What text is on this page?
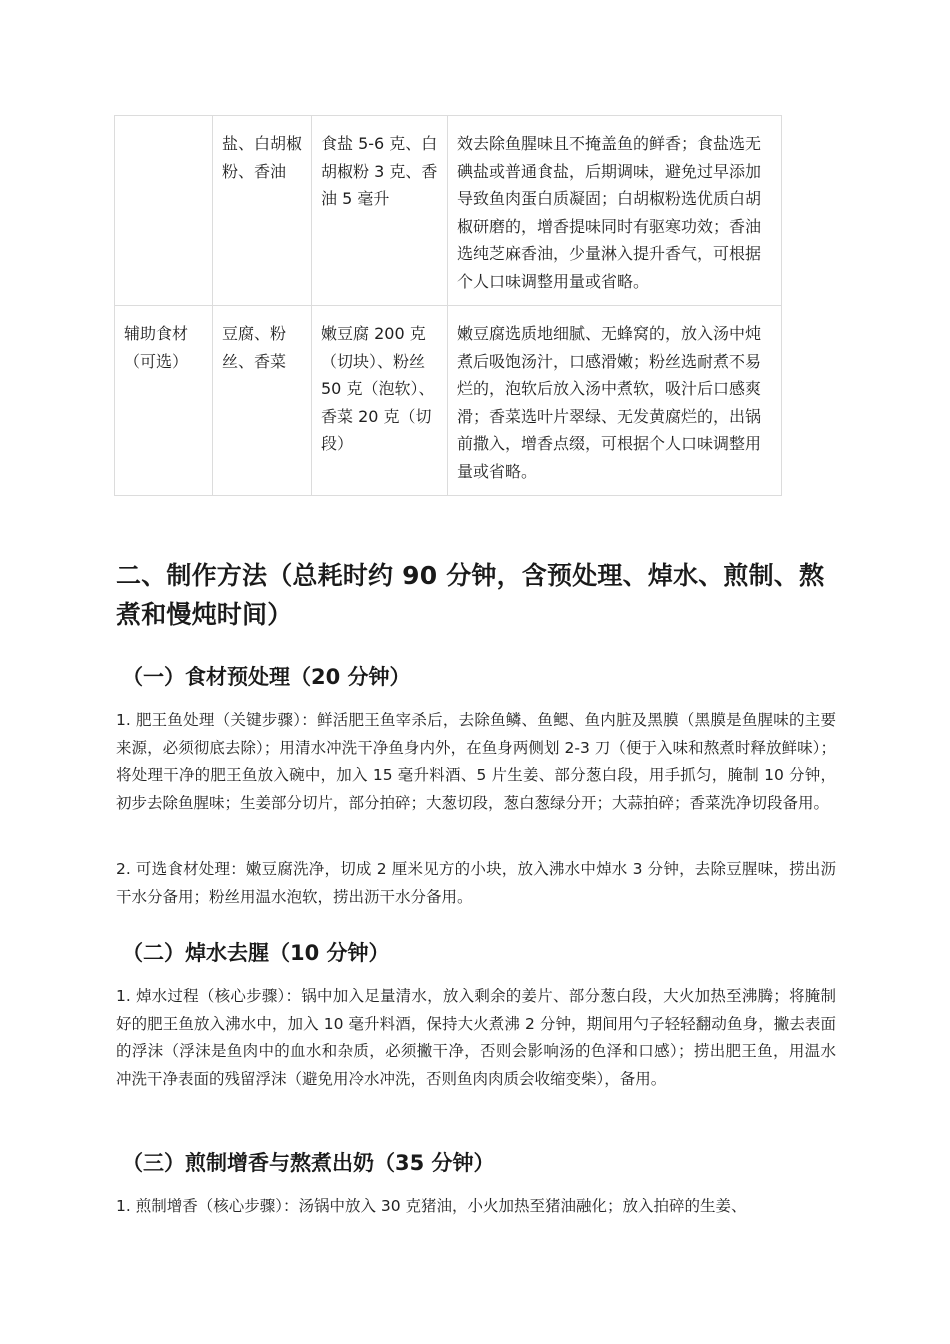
	盐、白胡椒粉、香油	食盐 5-6 克、白胡椒粉 3 克、香油 5 毫升	效去除鱼腥味且不掩盖鱼的鲜香；食盐选无碘盐或普通食盐，后期调味，避免过早添加导致鱼肉蛋白质凝固；白胡椒粉选优质白胡椒研磨的，增香提味同时有驱寒功效；香油选纯芝麻香油，少量淋入提升香气，可根据个人口味调整用量或省略。
辅助食材（可选）	豆腐、粉丝、香菜	嫩豆腐 200 克（切块）、粉丝 50 克（泡软）、香菜 20 克（切段）	嫩豆腐选质地细腻、无蜂窝的，放入汤中炖煮后吸饱汤汁，口感滑嫩；粉丝选耐煮不易烂的，泡软后放入汤中煮软，吸汁后口感爽滑；香菜选叶片翠绿、无发黄腐烂的，出锅前撒入，增香点缀，可根据个人口味调整用量或省略。
二、制作方法（总耗时约 90 分钟，含预处理、焯水、煎制、熬煮和慢炖时间）
（一）食材预处理（20 分钟）
1. 肥王鱼处理（关键步骤）：鲜活肥王鱼宰杀后，去除鱼鳞、鱼鳃、鱼内脏及黑膜（黑膜是鱼腥味的主要来源，必须彻底去除）；用清水冲洗干净鱼身内外，在鱼身两侧划 2-3 刀（便于入味和熬煮时释放鲜味）；将处理干净的肥王鱼放入碗中，加入 15 毫升料酒、5 片生姜、部分葱白段，用手抓匀，腌制 10 分钟，初步去除鱼腥味；生姜部分切片，部分拍碎；大葱切段，葱白葱绿分开；大蒜拍碎；香菜洗净切段备用。
2. 可选食材处理：嫩豆腐洗净，切成 2 厘米见方的小块，放入沸水中焯水 3 分钟，去除豆腥味，捞出沥干水分备用；粉丝用温水泡软，捞出沥干水分备用。
（二）焯水去腥（10 分钟）
1. 焯水过程（核心步骤）：锅中加入足量清水，放入剩余的姜片、部分葱白段，大火加热至沸腾；将腌制好的肥王鱼放入沸水中，加入 10 毫升料酒，保持大火煮沸 2 分钟，期间用勺子轻轻翻动鱼身，撇去表面的浮沫（浮沫是鱼肉中的血水和杂质，必须撇干净，否则会影响汤的色泽和口感）；捞出肥王鱼，用温水冲洗干净表面的残留浮沫（避免用冷水冲洗，否则鱼肉肉质会收缩变柴），备用。
（三）煎制增香与熬煮出奶（35 分钟）
1. 煎制增香（核心步骤）：汤锅中放入 30 克猪油，小火加热至猪油融化；放入拍碎的生姜、
